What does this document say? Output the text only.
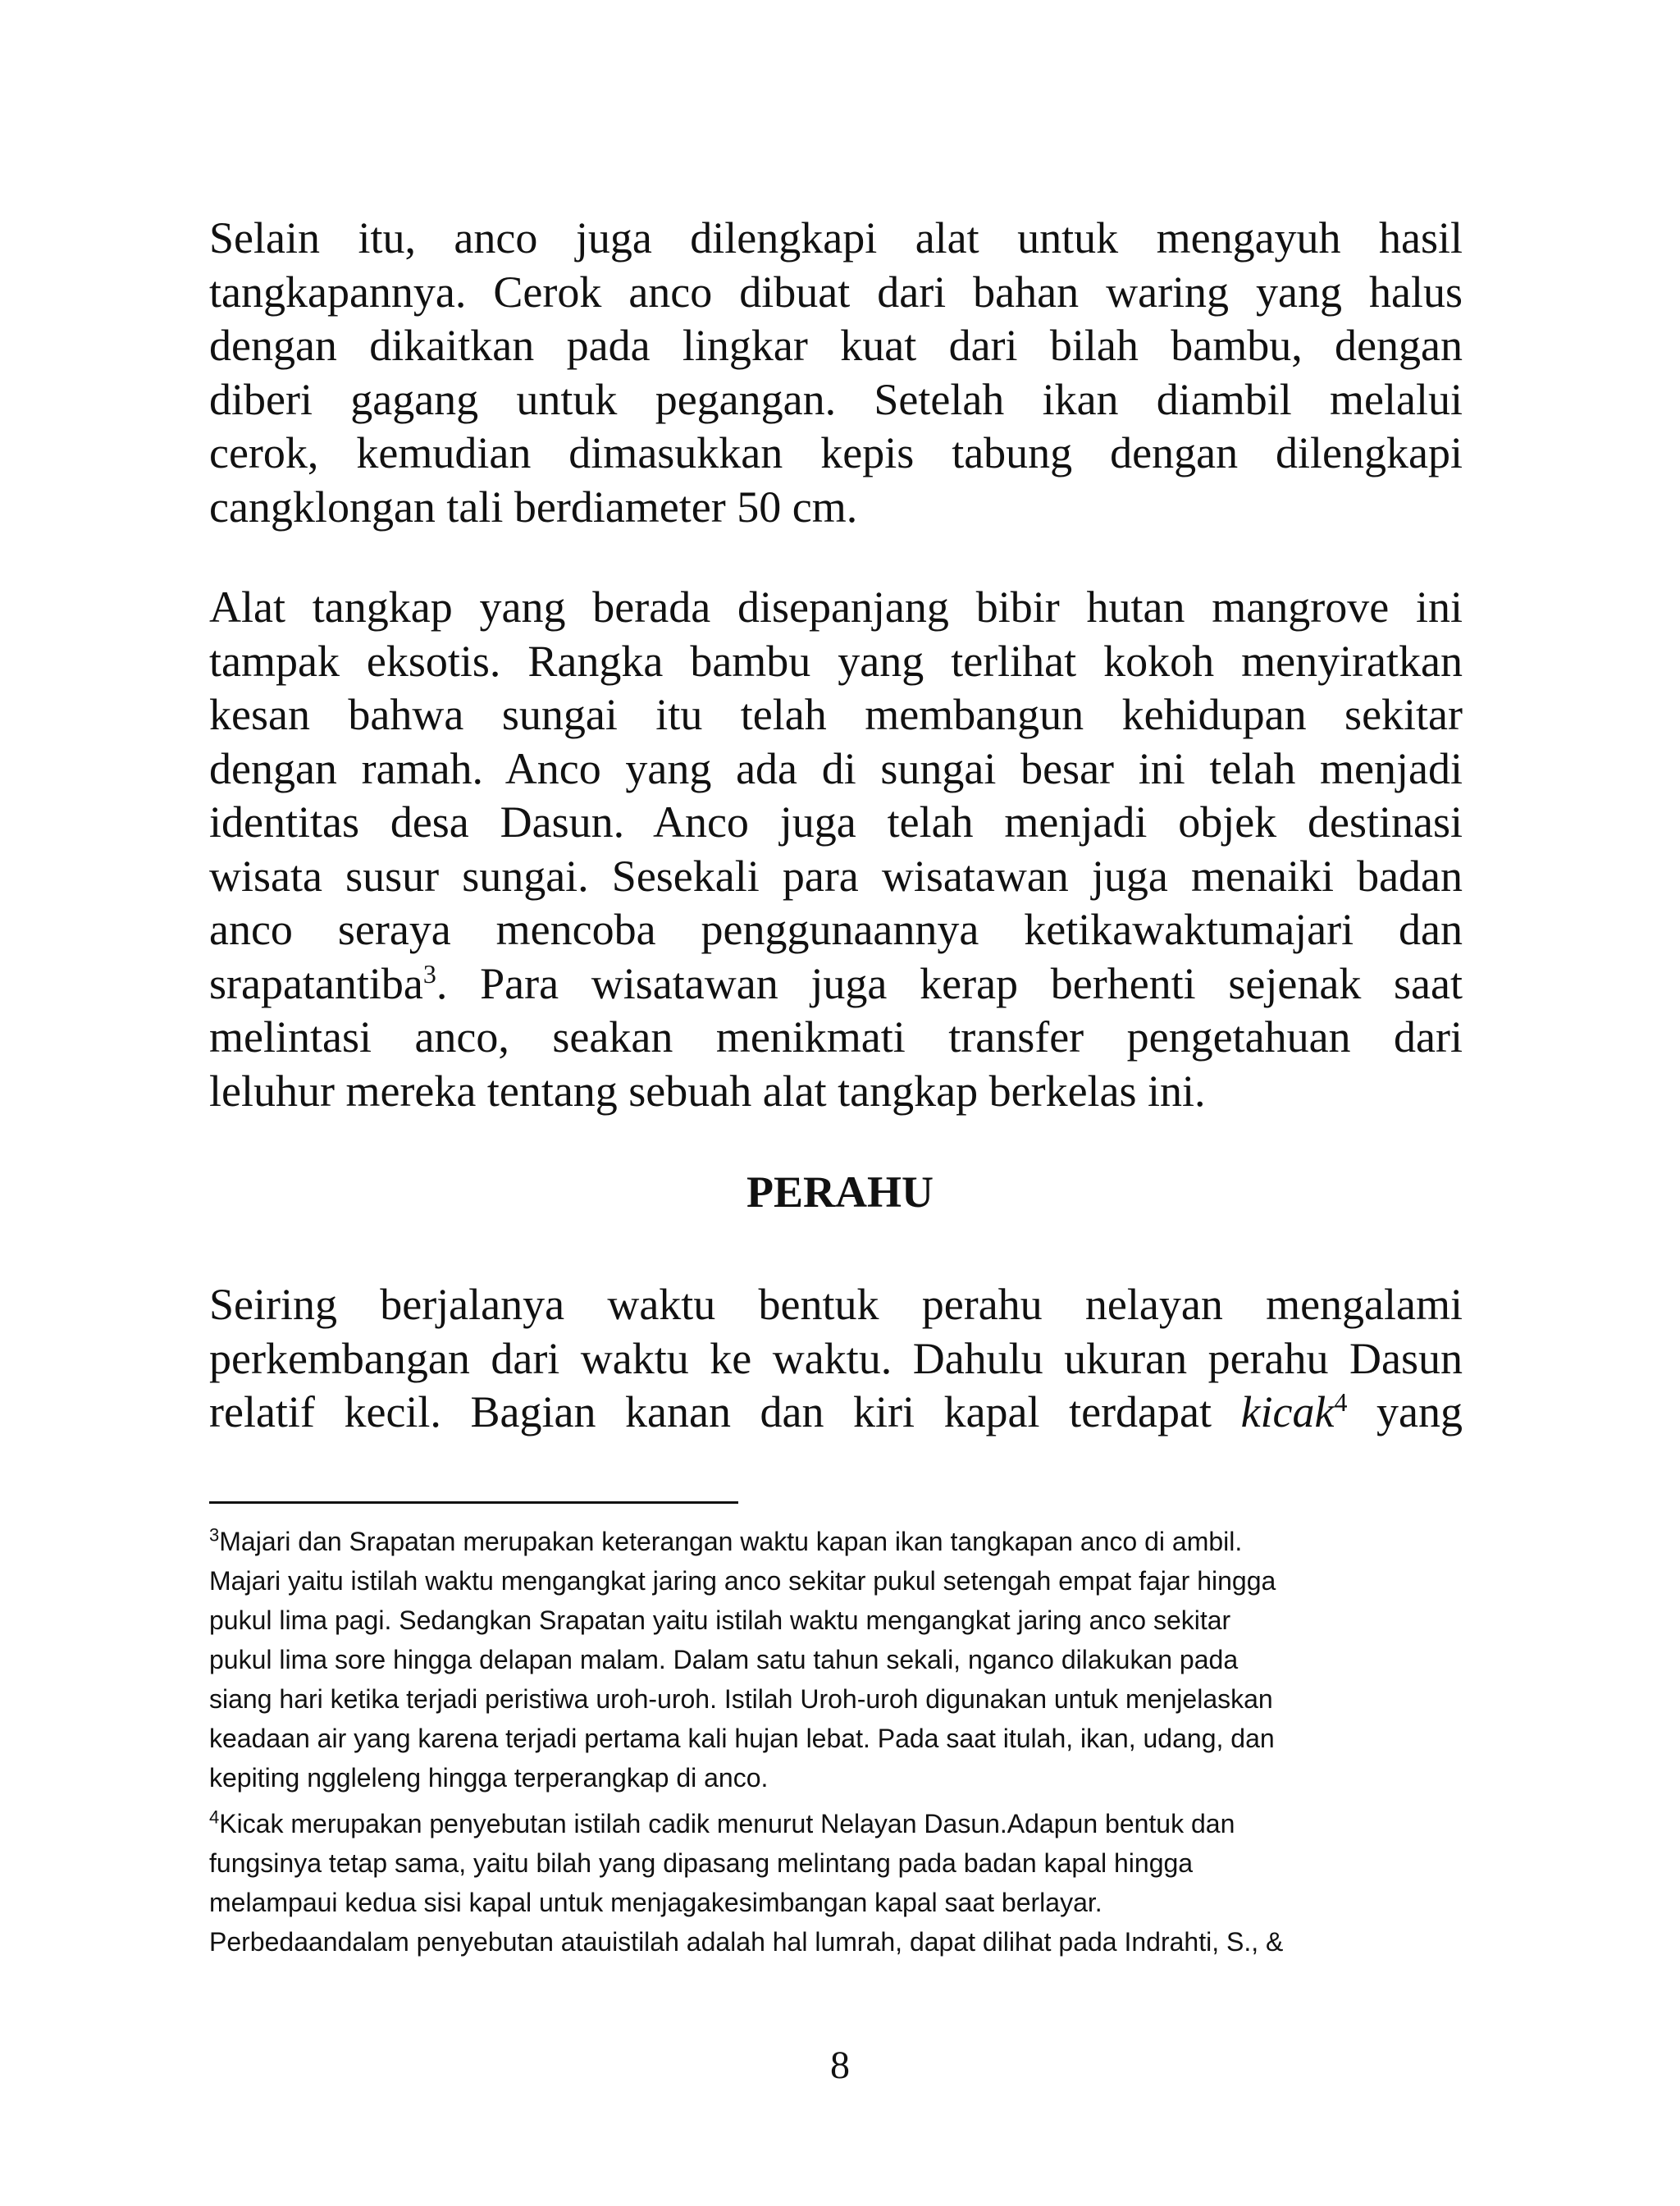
Selain itu, anco juga dilengkapi alat untuk mengayuh hasil
tangkapannya. Cerok anco dibuat dari bahan waring yang halus
dengan dikaitkan pada lingkar kuat dari bilah bambu, dengan
diberi gagang untuk pegangan. Setelah ikan diambil melalui
cerok, kemudian dimasukkan kepis tabung dengan dilengkapi
cangklongan tali berdiameter 50 cm.
Alat tangkap yang berada disepanjang bibir hutan mangrove ini
tampak eksotis. Rangka bambu yang terlihat kokoh menyiratkan
kesan bahwa sungai itu telah membangun kehidupan sekitar
dengan ramah. Anco yang ada di sungai besar ini telah menjadi
identitas desa Dasun. Anco juga telah menjadi objek destinasi
wisata susur sungai. Sesekali para wisatawan juga menaiki badan
anco seraya mencoba penggunaannya ketikawaktumajari dan
srapatantiba$^3$. Para wisatawan juga kerap berhenti sejenak saat
melintasi anco, seakan menikmati transfer pengetahuan dari
leluhur mereka tentang sebuah alat tangkap berkelas ini.
PERAHU
Seiring berjalanya waktu bentuk perahu nelayan mengalami
perkembangan dari waktu ke waktu. Dahulu ukuran perahu Dasun
relatif kecil. Bagian kanan dan kiri kapal terdapat kicak$^4$ yang
$^3$Majari dan Srapatan merupakan keterangan waktu kapan ikan tangkapan anco di ambil.
Majari yaitu istilah waktu mengangkat jaring anco sekitar pukul setengah empat fajar hingga
pukul lima pagi. Sedangkan Srapatan yaitu istilah waktu mengangkat jaring anco sekitar
pukul lima sore hingga delapan malam. Dalam satu tahun sekali, nganco dilakukan pada
siang hari ketika terjadi peristiwa uroh-uroh. Istilah Uroh-uroh digunakan untuk menjelaskan
keadaan air yang karena terjadi pertama kali hujan lebat. Pada saat itulah, ikan, udang, dan
kepiting nggleleng hingga terperangkap di anco.
$^4$Kicak merupakan penyebutan istilah cadik menurut Nelayan Dasun.Adapun bentuk dan
fungsinya tetap sama, yaitu bilah yang dipasang melintang pada badan kapal hingga
melampaui kedua sisi kapal untuk menjagakesimbangan kapal saat berlayar.
Perbedaandalam penyebutan atauistilah adalah hal lumrah, dapat dilihat pada Indrahti, S., &
8
